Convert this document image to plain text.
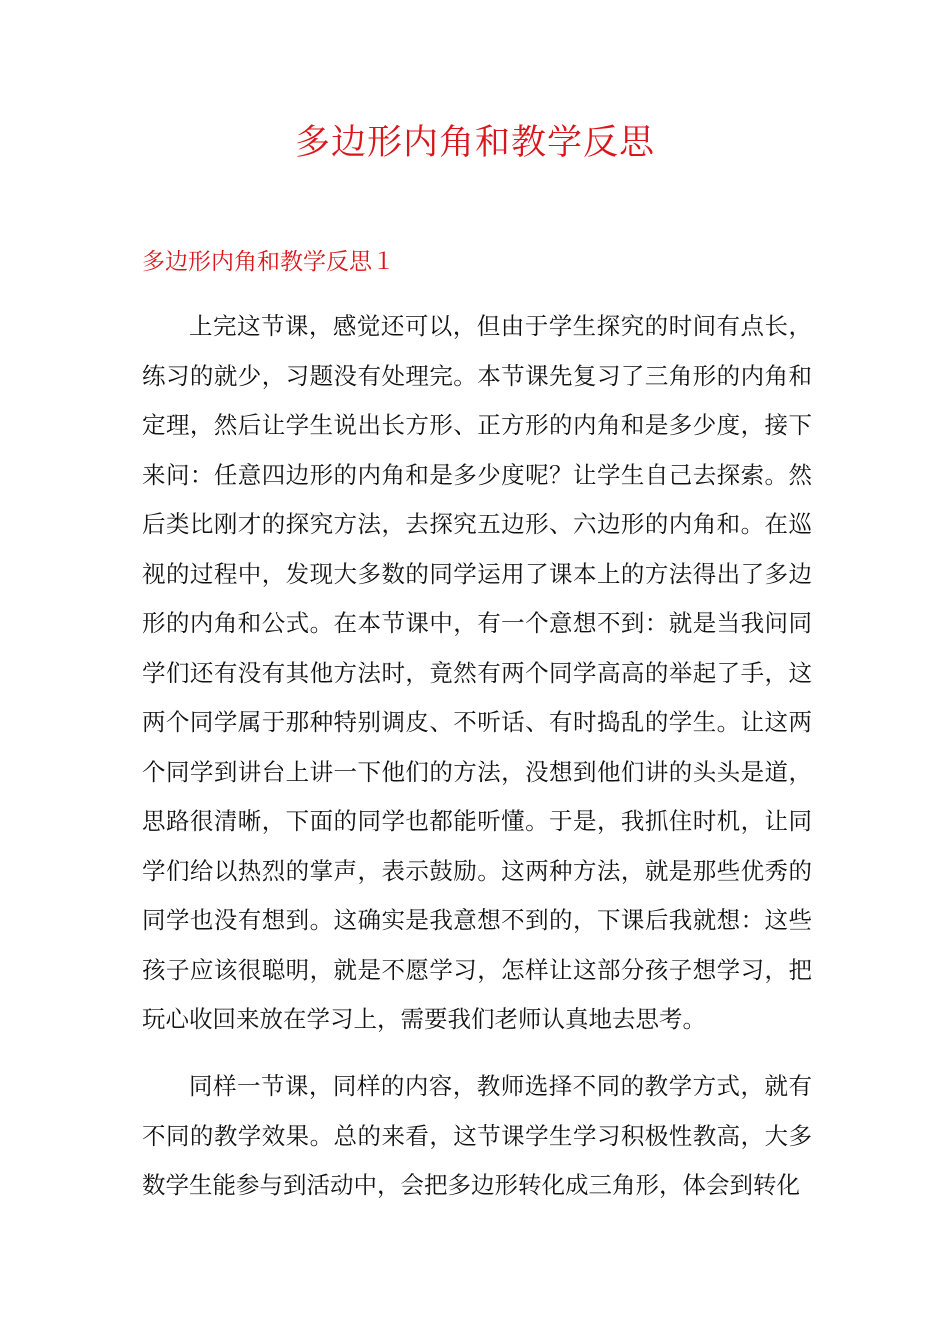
多边形内角和教学反思
多边形内角和教学反思１

上完这节课，感觉还可以，但由于学生探究的时间有点长，练习的就少，习题没有处理完。本节课先复习了三角形的内角和定理，然后让学生说出长方形、正方形的内角和是多少度，接下来问：任意四边形的内角和是多少度呢？让学生自己去探索。然后类比刚才的探究方法，去探究五边形、六边形的内角和。在巡视的过程中，发现大多数的同学运用了课本上的方法得出了多边形的内角和公式。在本节课中，有一个意想不到：就是当我问同学们还有没有其他方法时，竟然有两个同学高高的举起了手，这两个同学属于那种特别调皮、不听话、有时捣乱的学生。让这两个同学到讲台上讲一下他们的方法，没想到他们讲的头头是道，思路很清晰，下面的同学也都能听懂。于是，我抓住时机，让同学们给以热烈的掌声，表示鼓励。这两种方法，就是那些优秀的同学也没有想到。这确实是我意想不到的，下课后我就想：这些孩子应该很聪明，就是不愿学习，怎样让这部分孩子想学习，把玩心收回来放在学习上，需要我们老师认真地去思考。

同样一节课，同样的内容，教师选择不同的教学方式，就有不同的教学效果。总的来看，这节课学生学习积极性教高，大多数学生能参与到活动中，会把多边形转化成三角形，体会到转化
